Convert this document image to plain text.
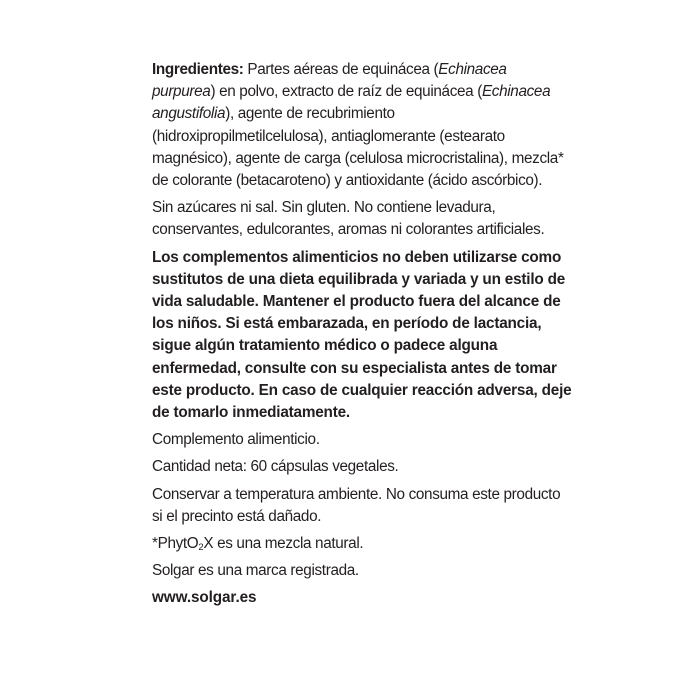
Ingredientes: Partes aéreas de equinácea (Echinacea purpurea) en polvo, extracto de raíz de equinácea (Echinacea angustifolia), agente de recubrimiento (hidroxipropilmetilcelulosa), antiaglomerante (estearato magnésico), agente de carga (celulosa microcristalina), mezcla* de colorante (betacaroteno) y antioxidante (ácido ascórbico).

Sin azúcares ni sal. Sin gluten. No contiene levadura, conservantes, edulcorantes, aromas ni colorantes artificiales.

Los complementos alimenticios no deben utilizarse como sustitutos de una dieta equilibrada y variada y un estilo de vida saludable. Mantener el producto fuera del alcance de los niños. Si está embarazada, en período de lactancia, sigue algún tratamiento médico o padece alguna enfermedad, consulte con su especialista antes de tomar este producto. En caso de cualquier reacción adversa, deje de tomarlo inmediatamente.

Complemento alimenticio.

Cantidad neta: 60 cápsulas vegetales.

Conservar a temperatura ambiente. No consuma este producto si el precinto está dañado.

*PhytO$_2$X es una mezcla natural.

Solgar es una marca registrada.

www.solgar.es
